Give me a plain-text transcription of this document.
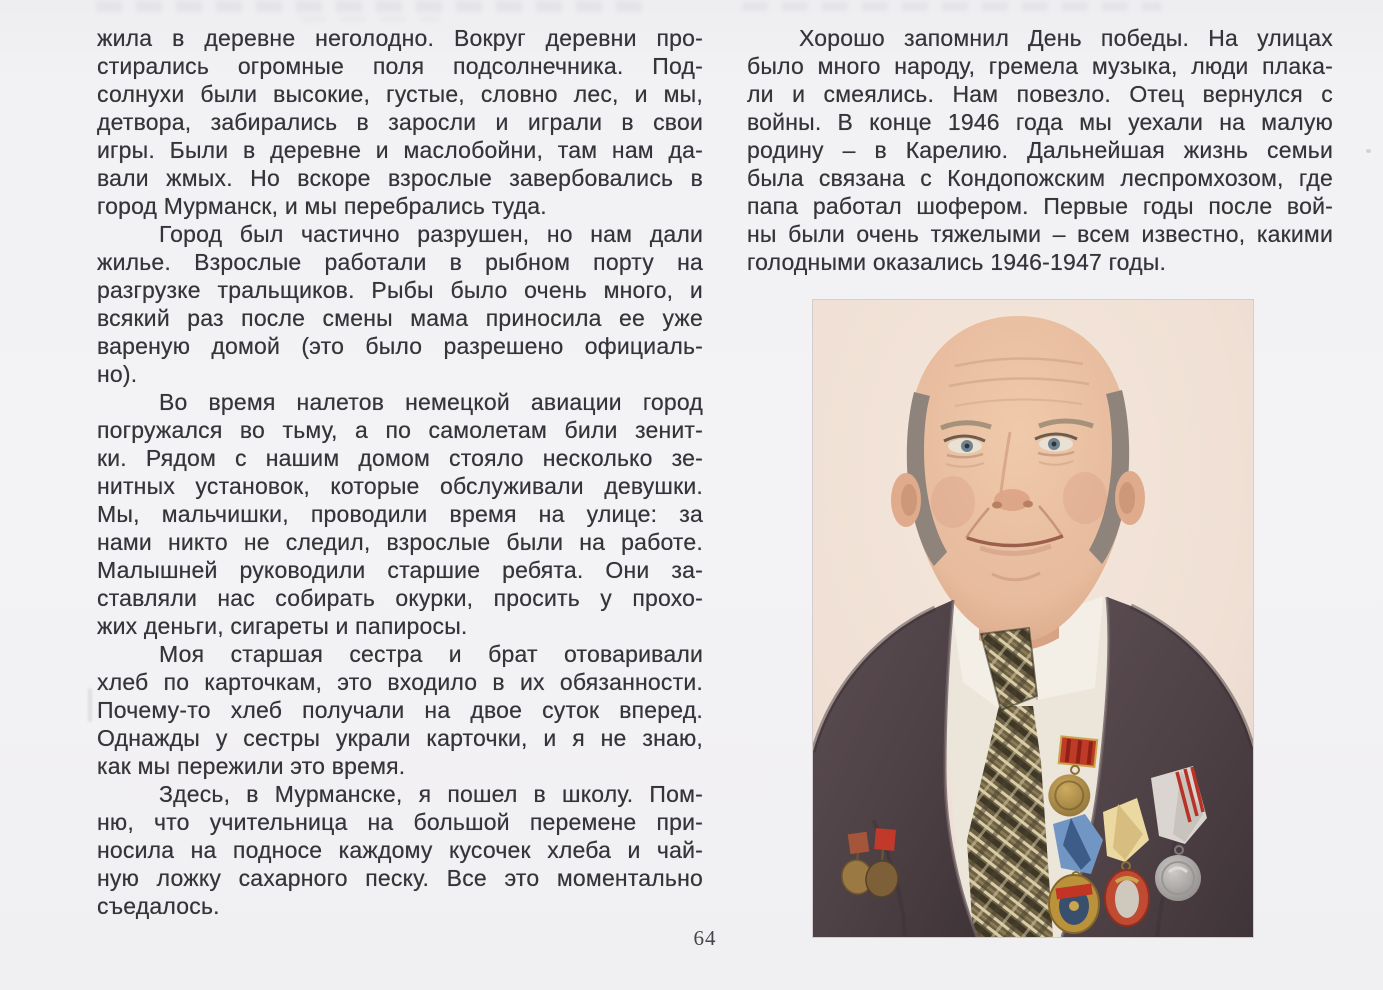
жила в деревне неголодно. Вокруг деревни про-
стирались огромные поля подсолнечника. Под-
солнухи были высокие, густые, словно лес, и мы,
детвора, забирались в заросли и играли в свои
игры. Были в деревне и маслобойни, там нам да-
вали жмых. Но вскоре взрослые завербовались в
город Мурманск, и мы перебрались туда.
Город был частично разрушен, но нам дали
жилье. Взрослые работали в рыбном порту на
разгрузке тральщиков. Рыбы было очень много, и
всякий раз после смены мама приносила ее уже
вареную домой (это было разрешено официаль-
но).
Во время налетов немецкой авиации город
погружался во тьму, а по самолетам били зенит-
ки. Рядом с нашим домом стояло несколько зе-
нитных установок, которые обслуживали девушки.
Мы, мальчишки, проводили время на улице: за
нами никто не следил, взрослые были на работе.
Малышней руководили старшие ребята. Они за-
ставляли нас собирать окурки, просить у прохо-
жих деньги, сигареты и папиросы.
Моя старшая сестра и брат отоваривали
хлеб по карточкам, это входило в их обязанности.
Почему-то хлеб получали на двое суток вперед.
Однажды у сестры украли карточки, и я не знаю,
как мы пережили это время.
Здесь, в Мурманске, я пошел в школу. Пом-
ню, что учительница на большой перемене при-
носила на подносе каждому кусочек хлеба и чай-
ную ложку сахарного песку. Все это моментально
съедалось.
Хорошо запомнил День победы. На улицах
было много народу, гремела музыка, люди плака-
ли и смеялись. Нам повезло. Отец вернулся с
войны. В конце 1946 года мы уехали на малую
родину – в Карелию. Дальнейшая жизнь семьи
была связана с Кондопожским леспромхозом, где
папа работал шофером. Первые годы после вой-
ны были очень тяжелыми – всем известно, какими
голодными оказались 1946-1947 годы.
64
